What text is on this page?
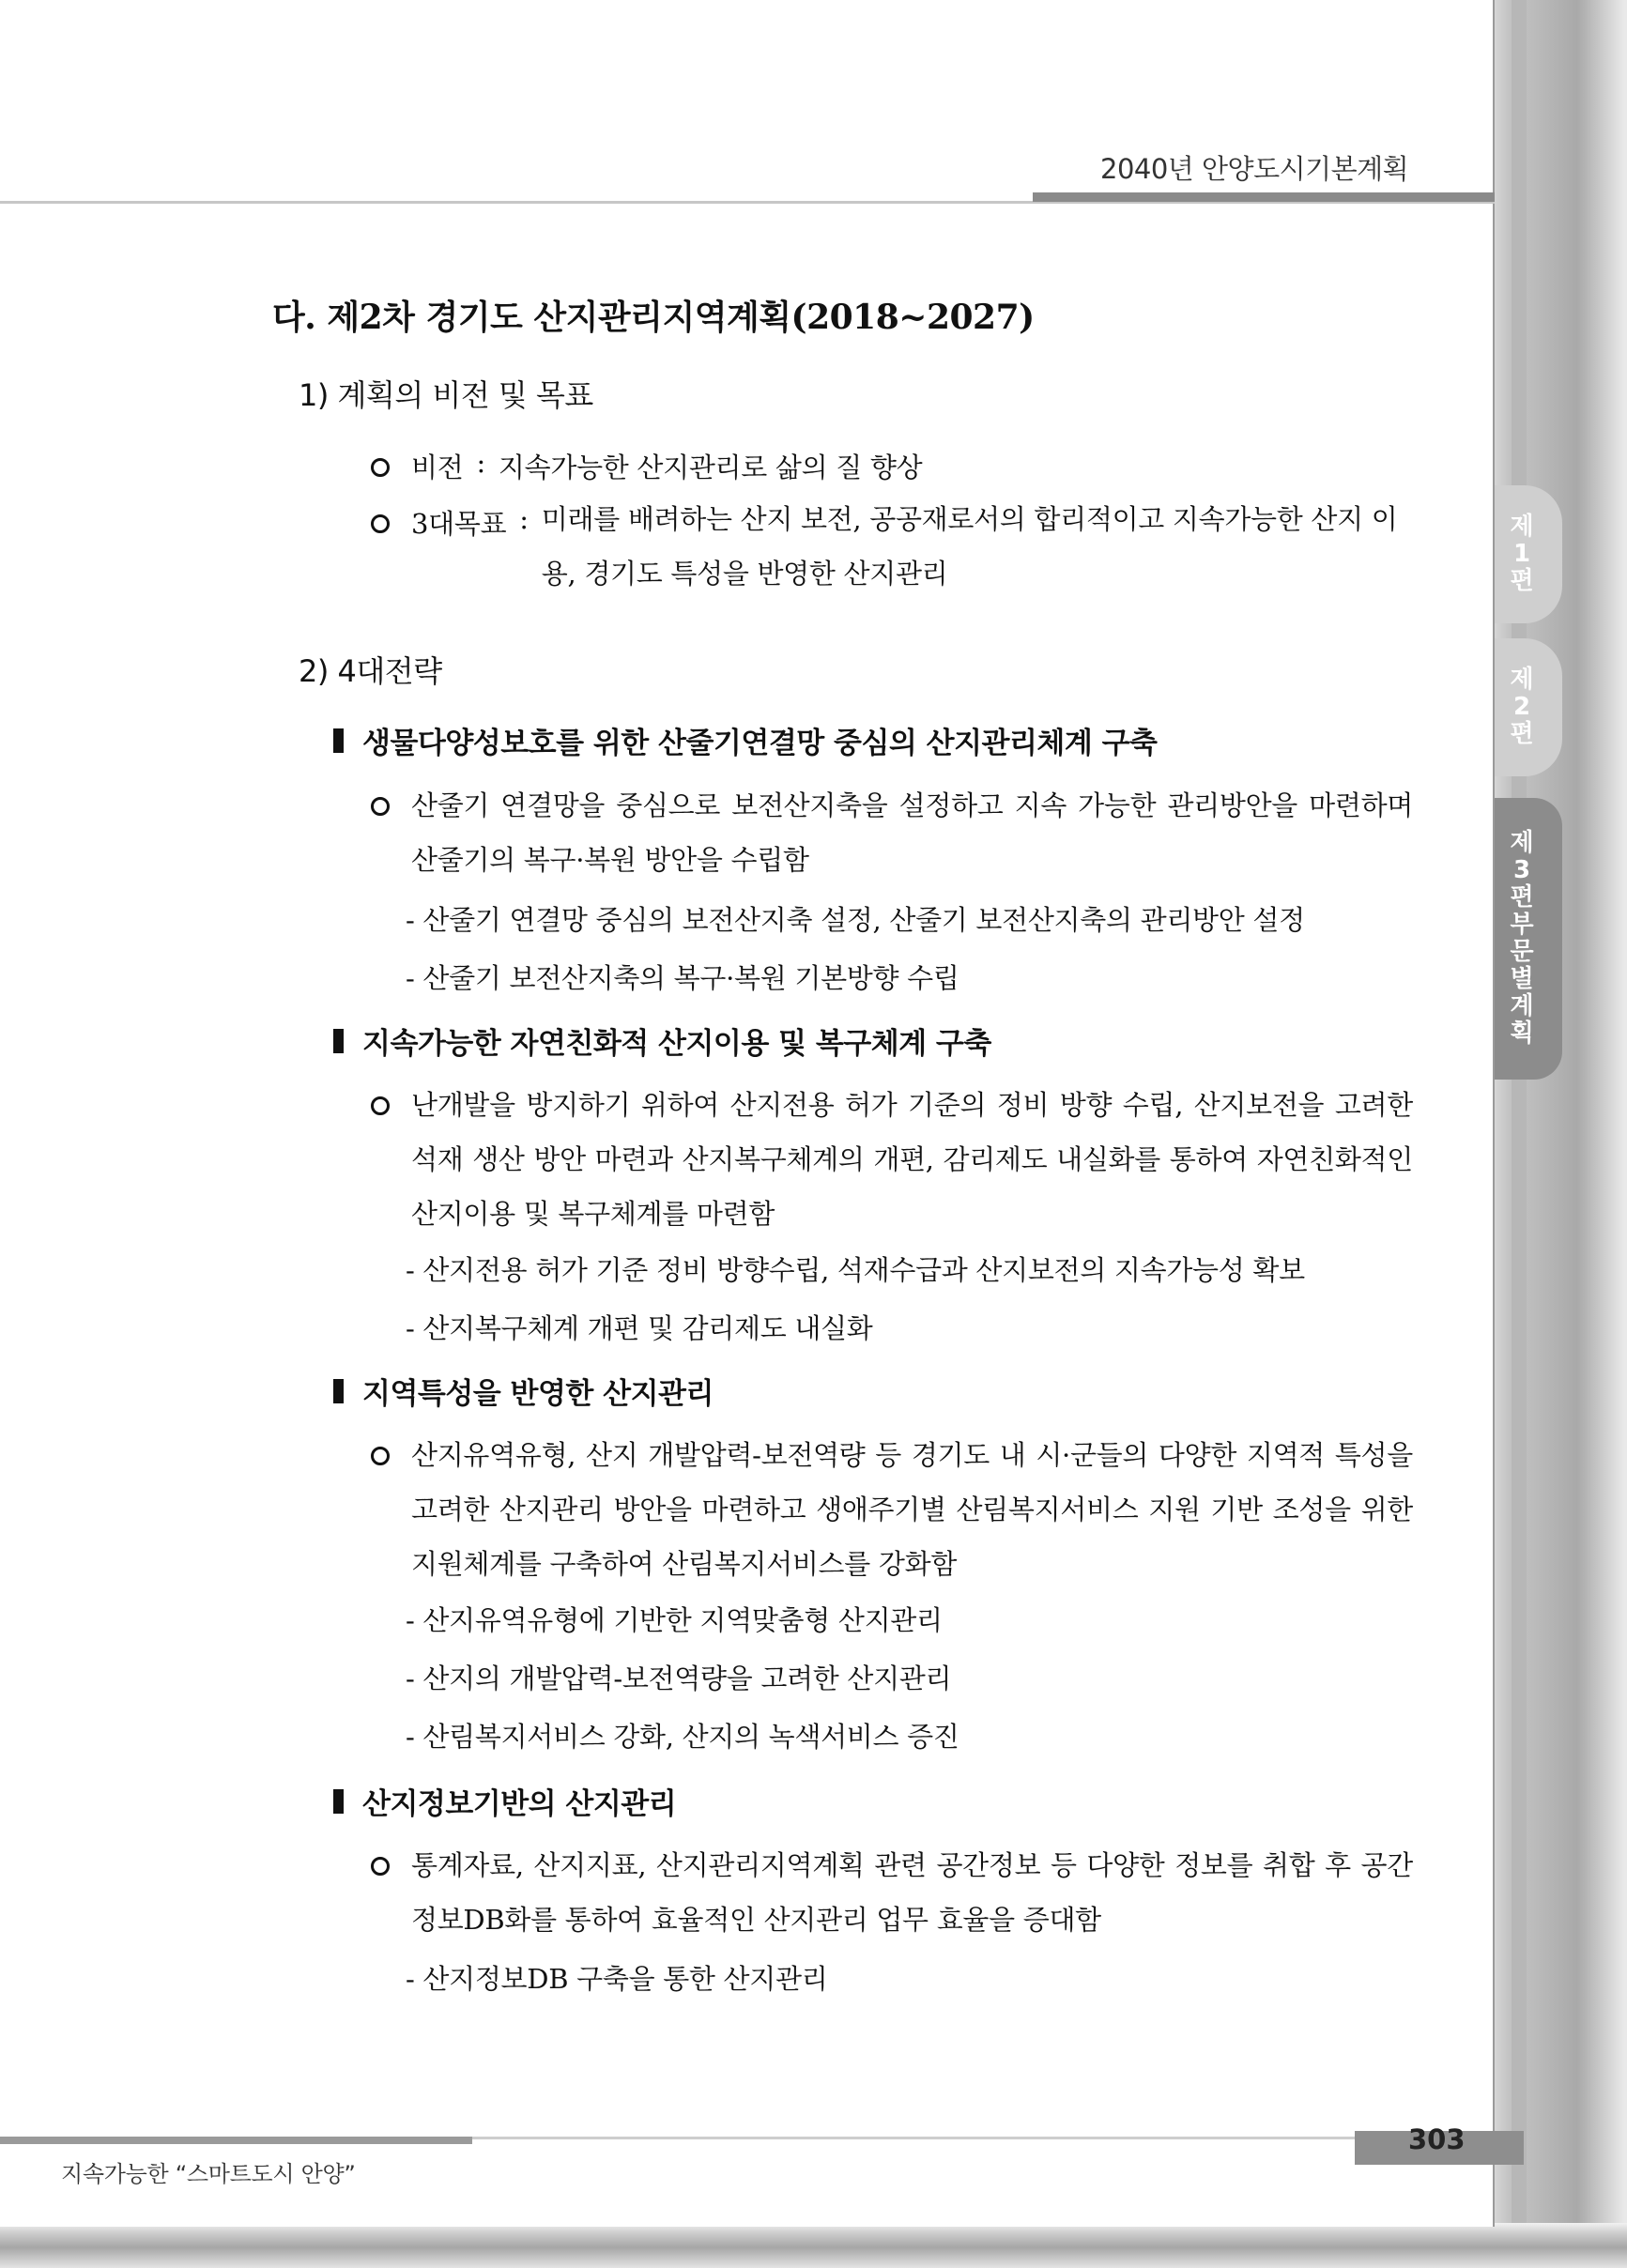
2040년 안양도시기본계획
제
1
편
제
2
편
제
3
편
부
문
별
계
획
다. 제2차 경기도 산지관리지역계획(2018~2027)
1) 계획의 비전 및 목표
비전 : 지속가능한 산지관리로 삶의 질 향상
3대목표 : 미래를 배려하는 산지 보전, 공공재로서의 합리적이고 지속가능한 산지 이용, 경기도 특성을 반영한 산지관리
2) 4대전략
생물다양성보호를 위한 산줄기연결망 중심의 산지관리체계 구축
산줄기 연결망을 중심으로 보전산지축을 설정하고 지속 가능한 관리방안을 마련하며 산줄기의 복구·복원 방안을 수립함
- 산줄기 연결망 중심의 보전산지축 설정, 산줄기 보전산지축의 관리방안 설정
- 산줄기 보전산지축의 복구·복원 기본방향 수립
지속가능한 자연친화적 산지이용 및 복구체계 구축
난개발을 방지하기 위하여 산지전용 허가 기준의 정비 방향 수립, 산지보전을 고려한 석재 생산 방안 마련과 산지복구체계의 개편, 감리제도 내실화를 통하여 자연친화적인 산지이용 및 복구체계를 마련함
- 산지전용 허가 기준 정비 방향수립, 석재수급과 산지보전의 지속가능성 확보
- 산지복구체계 개편 및 감리제도 내실화
지역특성을 반영한 산지관리
산지유역유형, 산지 개발압력-보전역량 등 경기도 내 시·군들의 다양한 지역적 특성을 고려한 산지관리 방안을 마련하고 생애주기별 산림복지서비스 지원 기반 조성을 위한 지원체계를 구축하여 산림복지서비스를 강화함
- 산지유역유형에 기반한 지역맞춤형 산지관리
- 산지의 개발압력-보전역량을 고려한 산지관리
- 산림복지서비스 강화, 산지의 녹색서비스 증진
산지정보기반의 산지관리
통계자료, 산지지표, 산지관리지역계획 관련 공간정보 등 다양한 정보를 취합 후 공간정보DB화를 통하여 효율적인 산지관리 업무 효율을 증대함
- 산지정보DB 구축을 통한 산지관리
지속가능한 “스마트도시 안양”
303
